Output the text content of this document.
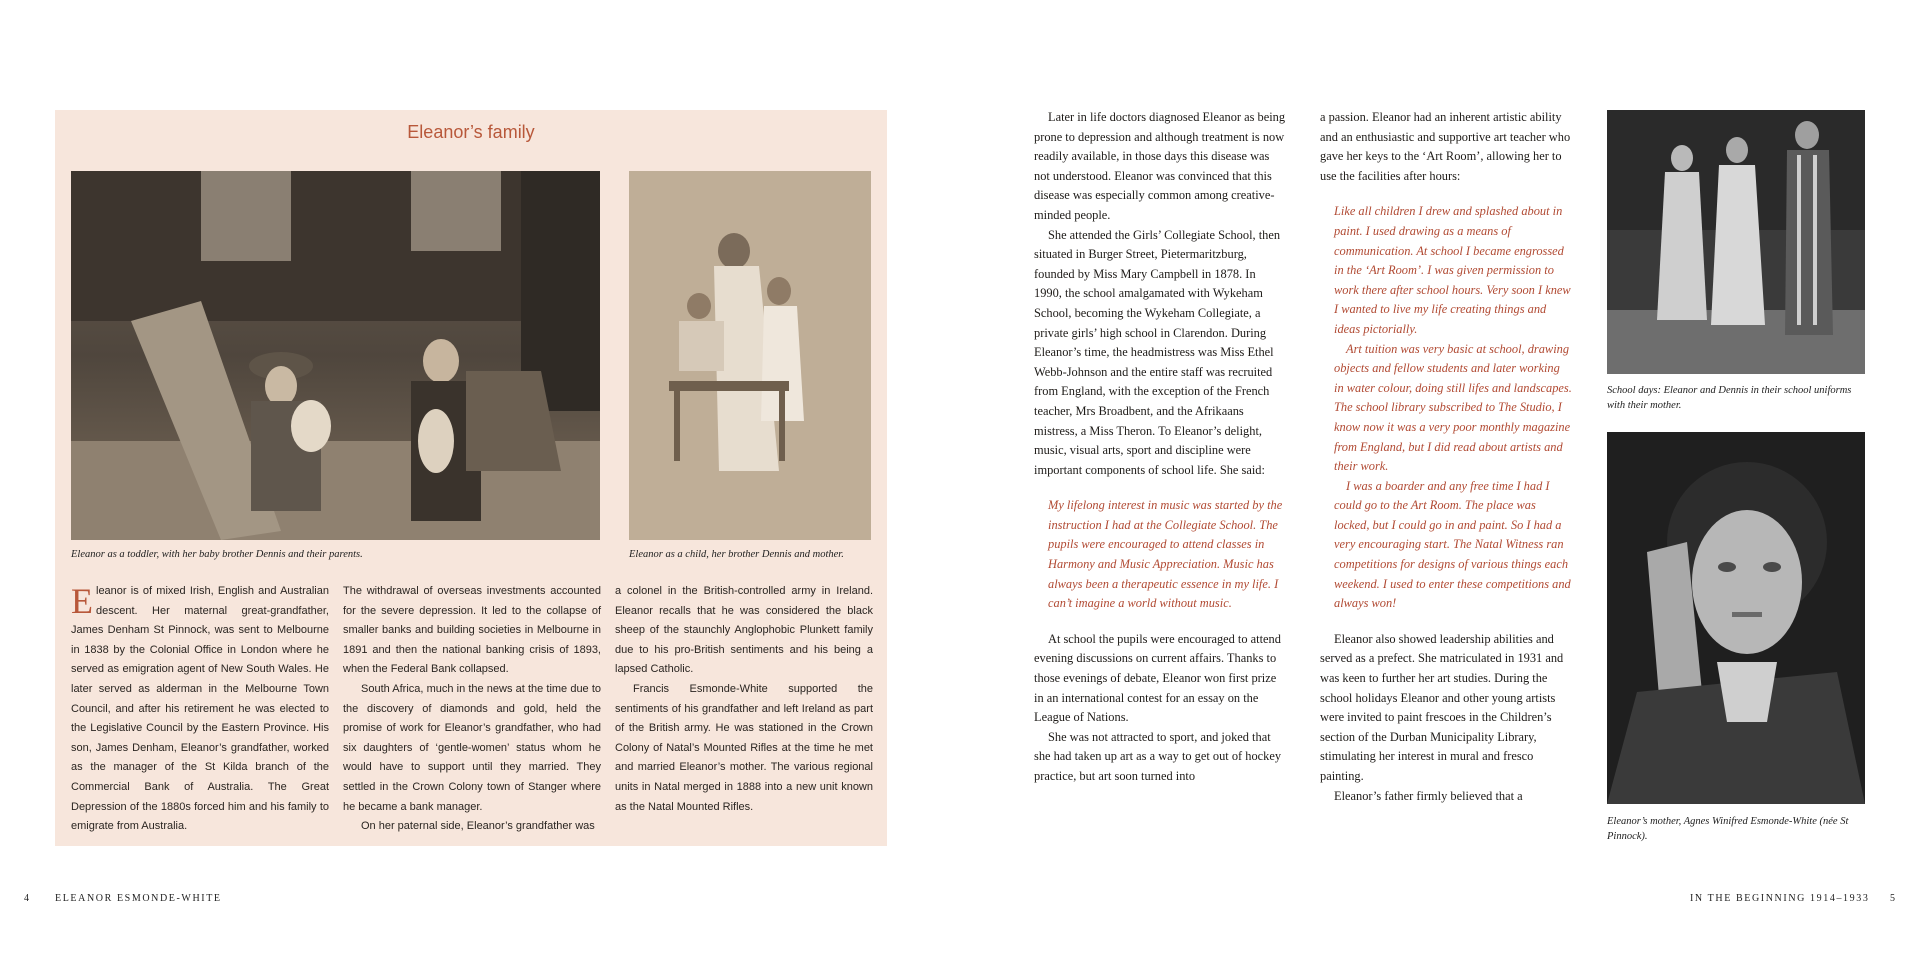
Eleanor’s family
Eleanor as a toddler, with her baby brother Dennis and their parents.	Eleanor as a child, her brother Dennis and mother.

Eleanor is of mixed Irish, English and Australian descent. Her maternal great-grandfather, James Denham St Pinnock, was sent to Melbourne in 1838 by the Colonial Office in London where he served as emigration agent of New South Wales. He later served as alderman in the Melbourne Town Council, and after his retirement he was elected to the Legislative Council by the Eastern Province. His son, James Denham, Eleanor’s grandfather, worked as the manager of the St Kilda branch of the Commercial Bank of Australia. The Great Depression of the 1880s forced him and his family to emigrate from Australia.

The withdrawal of overseas investments accounted for the severe depression. It led to the collapse of smaller banks and building societies in Melbourne in 1891 and then the national banking crisis of 1893, when the Federal Bank collapsed.

South Africa, much in the news at the time due to the discovery of diamonds and gold, held the promise of work for Eleanor’s grandfather, who had six daughters of ‘gentle-women’ status whom he would have to support until they married. They settled in the Crown Colony town of Stanger where he became a bank manager.

On her paternal side, Eleanor’s grandfather was

a colonel in the British-controlled army in Ireland. Eleanor recalls that he was considered the black sheep of the staunchly Anglophobic Plunkett family due to his pro-British sentiments and his being a lapsed Catholic.

Francis Esmonde-White supported the sentiments of his grandfather and left Ireland as part of the British army. He was stationed in the Crown Colony of Natal’s Mounted Rifles at the time he met and married Eleanor’s mother. The various regional units in Natal merged in 1888 into a new unit known as the Natal Mounted Rifles.

4 ELEANOR ESMONDE-WHITE

Later in life doctors diagnosed Eleanor as being prone to depression and although treatment is now readily available, in those days this disease was not understood. Eleanor was convinced that this disease was especially common among creative-minded people.

She attended the Girls’ Collegiate School, then situated in Burger Street, Pietermaritzburg, founded by Miss Mary Campbell in 1878. In 1990, the school amalgamated with Wykeham School, becoming the Wykeham Collegiate, a private girls’ high school in Clarendon. During Eleanor’s time, the headmistress was Miss Ethel Webb-Johnson and the entire staff was recruited from England, with the exception of the French teacher, Mrs Broadbent, and the Afrikaans mistress, a Miss Theron. To Eleanor’s delight, music, visual arts, sport and discipline were important components of school life. She said:

My lifelong interest in music was started by the instruction I had at the Collegiate School. The pupils were encouraged to attend classes in Harmony and Music Appreciation. Music has always been a therapeutic essence in my life. I can’t imagine a world without music.

At school the pupils were encouraged to attend evening discussions on current affairs. Thanks to those evenings of debate, Eleanor won first prize in an international contest for an essay on the League of Nations.

She was not attracted to sport, and joked that she had taken up art as a way to get out of hockey practice, but art soon turned into

a passion. Eleanor had an inherent artistic ability and an enthusiastic and supportive art teacher who gave her keys to the ‘Art Room’, allowing her to use the facilities after hours:

Like all children I drew and splashed about in paint. I used drawing as a means of communication. At school I became engrossed in the ‘Art Room’. I was given permission to work there after school hours. Very soon I knew I wanted to live my life creating things and ideas pictorially.

Art tuition was very basic at school, drawing objects and fellow students and later working in water colour, doing still lifes and landscapes. The school library subscribed to The Studio, I know now it was a very poor monthly magazine from England, but I did read about artists and their work.

I was a boarder and any free time I had I could go to the Art Room. The place was locked, but I could go in and paint. So I had a very encouraging start. The Natal Witness ran competitions for designs of various things each weekend. I used to enter these competitions and always won!

Eleanor also showed leadership abilities and served as a prefect. She matriculated in 1931 and was keen to further her art studies. During the school holidays Eleanor and other young artists were invited to paint frescoes in the Children’s section of the Durban Municipality Library, stimulating her interest in mural and fresco painting.

Eleanor’s father firmly believed that a

School days: Eleanor and Dennis in their school uniforms with their mother.
Eleanor’s mother, Agnes Winifred Esmonde-White (née St Pinnock).
IN THE BEGINNING 1914–1933 5
